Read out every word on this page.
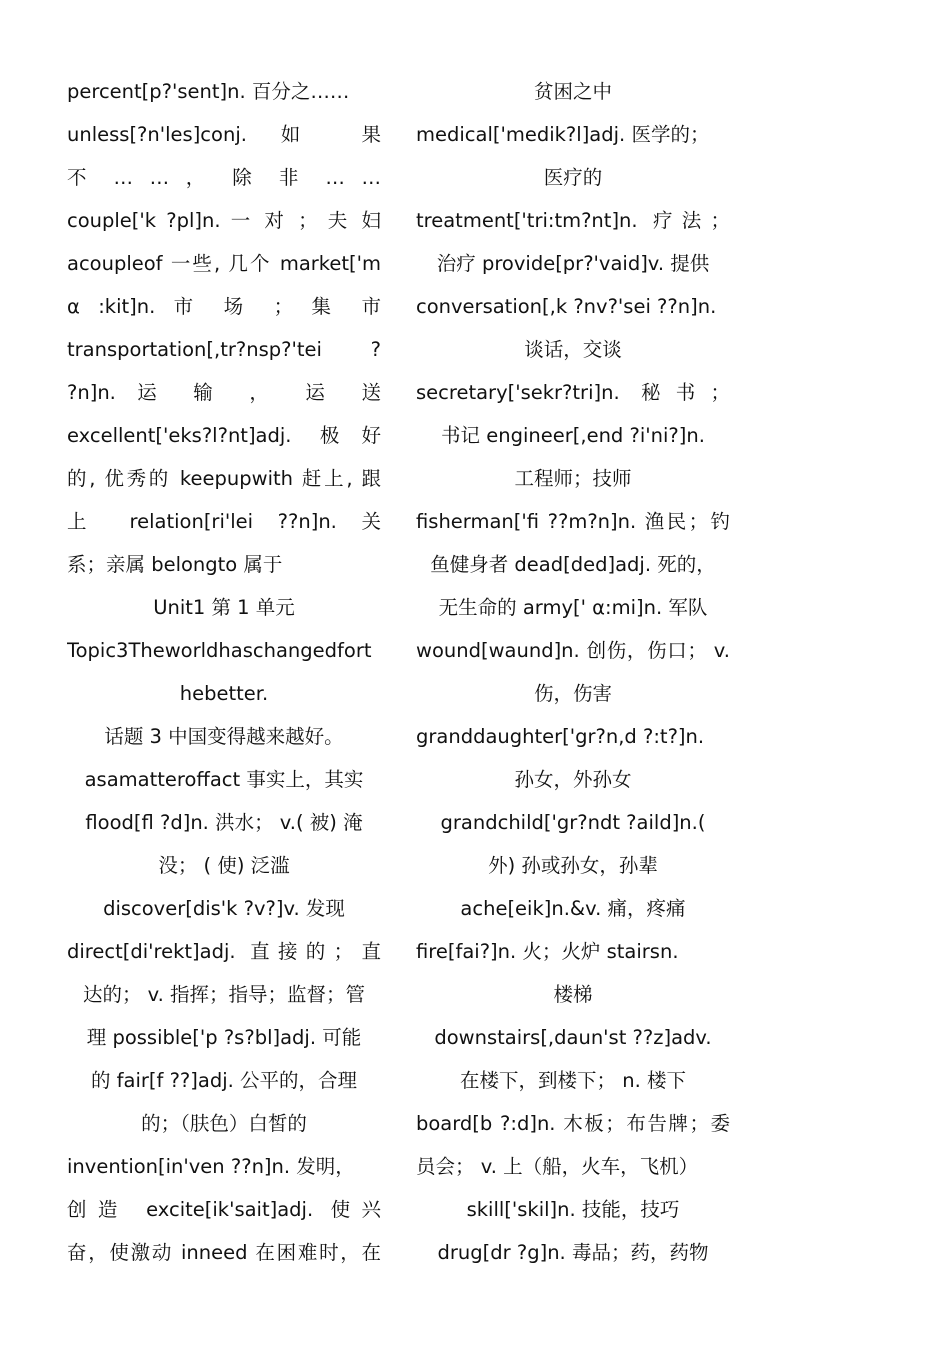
percent[p?'sent]n. 百分之……
unless[?n'les]conj. 如 果
不 … … ， 除 非 … …
couple['k ?pl]n. 一 对 ； 夫 妇
acoupleof 一些, 几个 market['m
α :kit]n. 市 场 ； 集 市
transportation[,tr?nsp?'tei ?
?n]n. 运 输 ， 运 送
excellent['eks?l?nt]adj. 极好
的, 优秀的 keepupwith 赶上, 跟
上 relation[ri'lei ??n]n. 关
系；亲属 belongto 属于
Unit1 第 1 单元
Topic3Theworldhaschangedfort
hebetter.
话题 3 中国变得越来越好。
asamatteroffact 事实上，其实
flood[fl ?d]n. 洪水； v.( 被) 淹
没； ( 使) 泛滥
discover[dis'k ?v?]v. 发现
direct[di'rekt]adj. 直接的；直
达的； v. 指挥；指导；监督；管
理 possible['p ?s?bl]adj. 可能
的 fair[f ??]adj. 公平的，合理
的；（肤色）白皙的
invention[in'ven ??n]n. 发明，
创造 excite[ik'sait]adj. 使兴
奋，使激动 inneed 在困难时，在
贫困之中
medical['medik?l]adj. 医学的；
医疗的
treatment['tri:tm?nt]n. 疗法；
治疗 provide[pr?'vaid]v. 提供
conversation[,k ?nv?'sei ??n]n.
谈话，交谈
secretary['sekr?tri]n. 秘书；
书记 engineer[,end ?i'ni?]n.
工程师；技师
fisherman['fi ??m?n]n. 渔民；钓
鱼健身者 dead[ded]adj. 死的，
无生命的 army[' α:mi]n. 军队
wound[waund]n. 创伤，伤口； v.
伤，伤害
granddaughter['gr?n,d ?:t?]n.
孙女，外孙女
grandchild['gr?ndt ?aild]n.(
外) 孙或孙女，孙辈
ache[eik]n.&v. 痛，疼痛
fire[fai?]n. 火；火炉 stairsn.
楼梯
downstairs[,daun'st ??z]adv.
在楼下，到楼下； n. 楼下
board[b ?:d]n. 木板；布告牌；委
员会； v. 上（船，火车，飞机）
skill['skil]n. 技能，技巧
drug[dr ?g]n. 毒品；药，药物
